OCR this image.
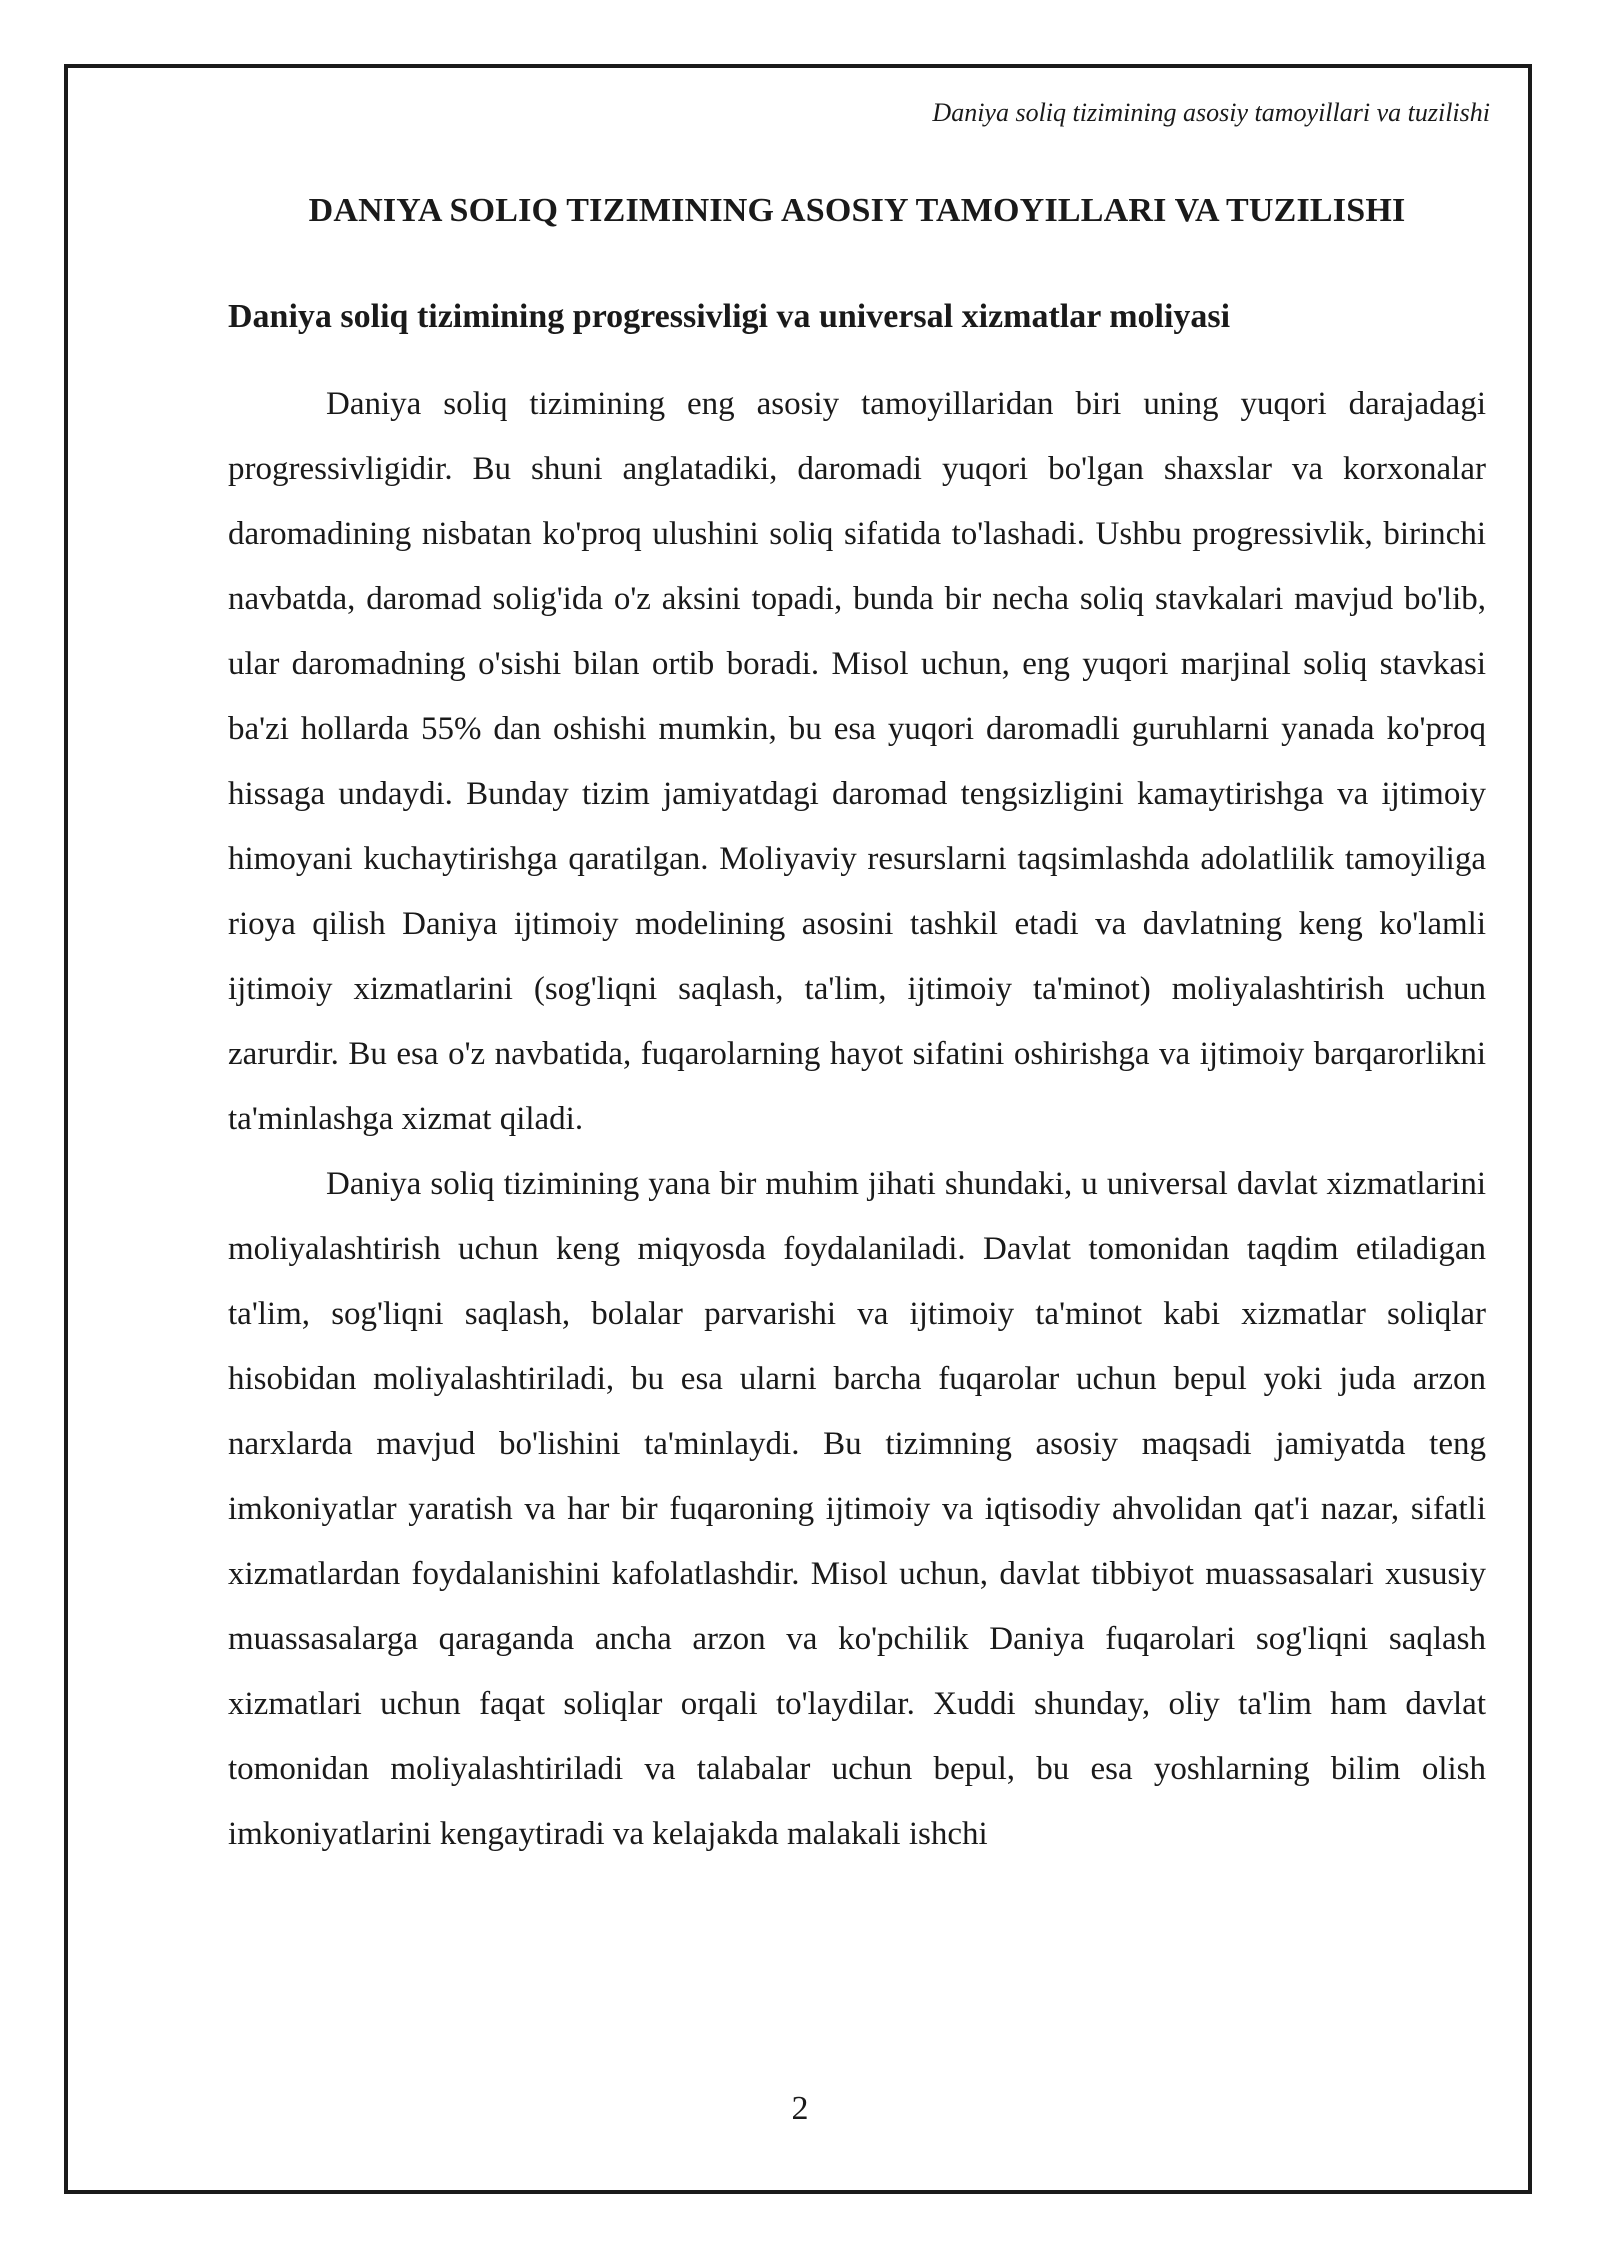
Daniya soliq tizimining asosiy tamoyillari va tuzilishi
DANIYA SOLIQ TIZIMINING ASOSIY TAMOYILLARI VA TUZILISHI
Daniya soliq tizimining progressivligi va universal xizmatlar moliyasi

Daniya soliq tizimining eng asosiy tamoyillaridan biri uning yuqori darajadagi progressivligidir. Bu shuni anglatadiki, daromadi yuqori bo'lgan shaxslar va korxonalar daromadining nisbatan ko'proq ulushini soliq sifatida to'lashadi. Ushbu progressivlik, birinchi navbatda, daromad solig'ida o'z aksini topadi, bunda bir necha soliq stavkalari mavjud bo'lib, ular daromadning o'sishi bilan ortib boradi. Misol uchun, eng yuqori marjinal soliq stavkasi ba'zi hollarda 55% dan oshishi mumkin, bu esa yuqori daromadli guruhlarni yanada ko'proq hissaga undaydi. Bunday tizim jamiyatdagi daromad tengsizligini kamaytirishga va ijtimoiy himoyani kuchaytirishga qaratilgan. Moliyaviy resurslarni taqsimlashda adolatlilik tamoyiliga rioya qilish Daniya ijtimoiy modelining asosini tashkil etadi va davlatning keng ko'lamli ijtimoiy xizmatlarini (sog'liqni saqlash, ta'lim, ijtimoiy ta'minot) moliyalashtirish uchun zarurdir. Bu esa o'z navbatida, fuqarolarning hayot sifatini oshirishga va ijtimoiy barqarorlikni ta'minlashga xizmat qiladi.

Daniya soliq tizimining yana bir muhim jihati shundaki, u universal davlat xizmatlarini moliyalashtirish uchun keng miqyosda foydalaniladi. Davlat tomonidan taqdim etiladigan ta'lim, sog'liqni saqlash, bolalar parvarishi va ijtimoiy ta'minot kabi xizmatlar soliqlar hisobidan moliyalashtiriladi, bu esa ularni barcha fuqarolar uchun bepul yoki juda arzon narxlarda mavjud bo'lishini ta'minlaydi. Bu tizimning asosiy maqsadi jamiyatda teng imkoniyatlar yaratish va har bir fuqaroning ijtimoiy va iqtisodiy ahvolidan qat'i nazar, sifatli xizmatlardan foydalanishini kafolatlashdir. Misol uchun, davlat tibbiyot muassasalari xususiy muassasalarga qaraganda ancha arzon va ko'pchilik Daniya fuqarolari sog'liqni saqlash xizmatlari uchun faqat soliqlar orqali to'laydilar. Xuddi shunday, oliy ta'lim ham davlat tomonidan moliyalashtiriladi va talabalar uchun bepul, bu esa yoshlarning bilim olish imkoniyatlarini kengaytiradi va kelajakda malakali ishchi

2
